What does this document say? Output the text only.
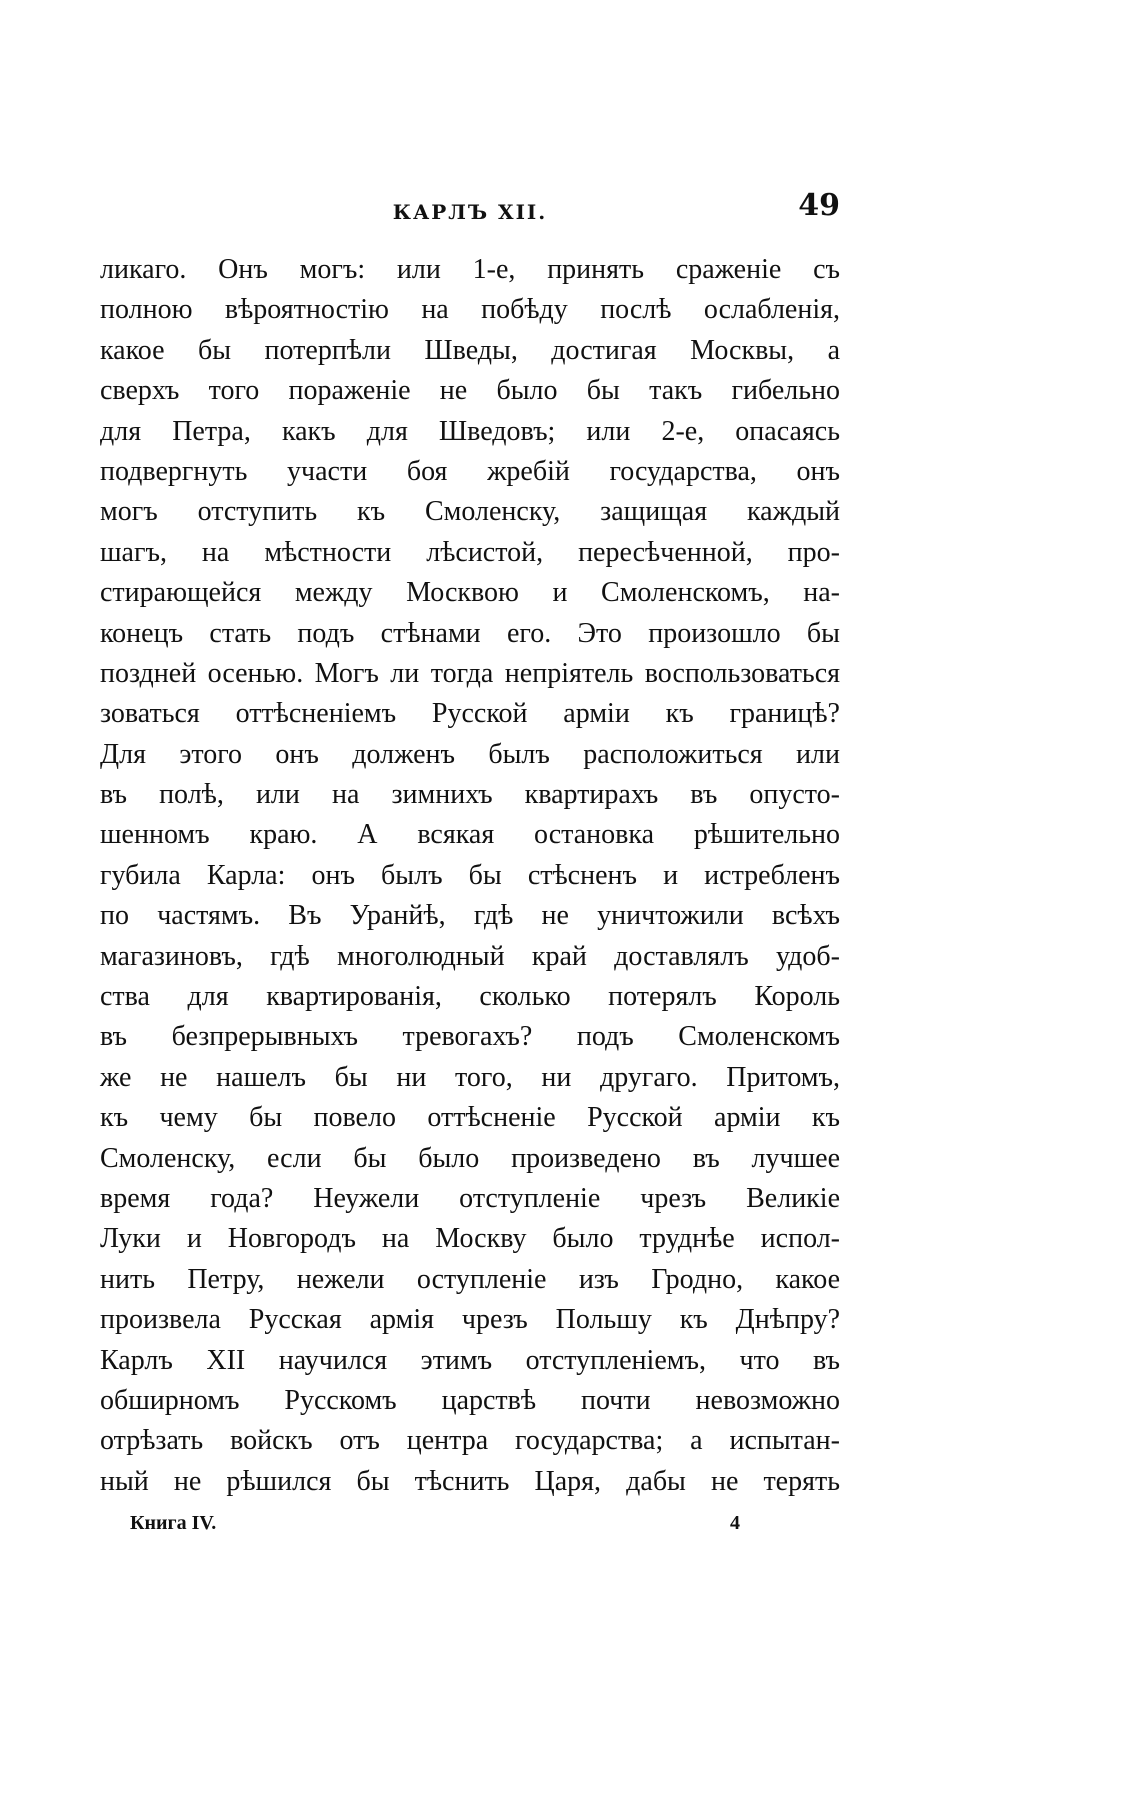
КАРЛЪ XII.	49
ликаго. Онъ могъ: или 1-е, принять сраженіе съ
полною вѣроятностію на побѣду послѣ ослабленія,
какое бы потерпѣли Шведы, достигая Москвы, а
сверхъ того пораженіе не было бы такъ гибельно
для Петра, какъ для Шведовъ; или 2-е, опасаясь
подвергнуть участи боя жребій государства, онъ
могъ отступить къ Смоленску, защищая каждый
шагъ, на мѣстности лѣсистой, пересѣченной, про-
стирающейся между Москвою и Смоленскомъ, на-
конецъ стать подъ стѣнами его. Это произошло бы
поздней осенью. Могъ ли тогда непріятель воспользоваться
зоваться оттѣсненіемъ Русской арміи къ границѣ?
Для этого онъ долженъ былъ расположиться или
въ полѣ, или на зимнихъ квартирахъ въ опусто-
шенномъ краю. А всякая остановка рѣшительно
губила Карла: онъ былъ бы стѣсненъ и истребленъ
по частямъ. Въ Уранйѣ, гдѣ не уничтожили всѣхъ
магазиновъ, гдѣ многолюдный край доставлялъ удоб-
ства для квартированія, сколько потерялъ Король
въ безпрерывныхъ тревогахъ? подъ Смоленскомъ
же не нашелъ бы ни того, ни другаго. Притомъ,
къ чему бы повело оттѣсненіе Русской арміи къ
Смоленску, если бы было произведено въ лучшее
время года? Неужели отступленіе чрезъ Великіе
Луки и Новгородъ на Москву было труднѣе испол-
нить Петру, нежели оступленіе изъ Гродно, какое
произвела Русская армія чрезъ Польшу къ Днѣпру?
Карлъ XII научился этимъ отступленіемъ, что въ
обширномъ Русскомъ царствѣ почти невозможно
отрѣзать войскъ отъ центра государства; а испытан-
ный не рѣшился бы тѣснить Царя, дабы не терять
Книга IV.	4
